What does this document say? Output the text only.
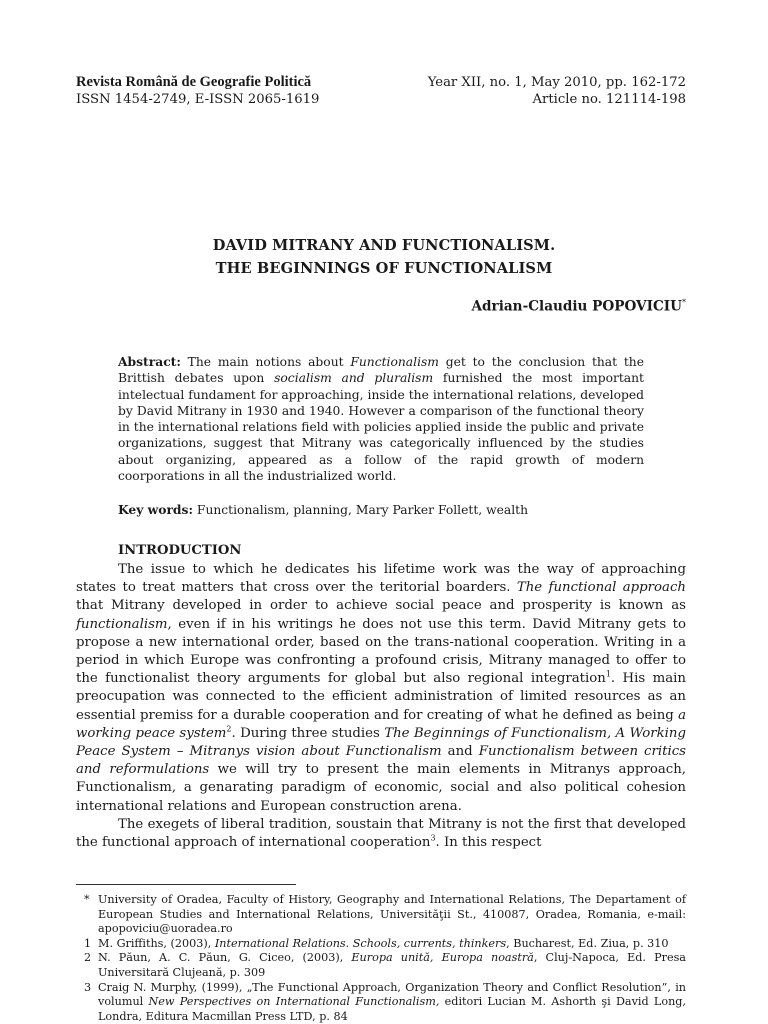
Revista Română de Geografie Politică
ISSN 1454-2749, E-ISSN 2065-1619
Year XII, no. 1, May 2010, pp. 162-172
Article no. 121114-198
DAVID MITRANY AND FUNCTIONALISM.
THE BEGINNINGS OF FUNCTIONALISM
Adrian-Claudiu POPOVICIU*

Abstract: The main notions about Functionalism get to the conclusion that the Brittish debates upon socialism and pluralism furnished the most important intelectual fundament for approaching, inside the international relations, developed by David Mitrany in 1930 and 1940. However a comparison of the functional theory in the international relations field with policies applied inside the public and private organizations, suggest that Mitrany was categorically influenced by the studies about organizing, appeared as a follow of the rapid growth of modern coorporations in all the industrialized world.

Key words: Functionalism, planning, Mary Parker Follett, wealth

INTRODUCTION

The issue to which he dedicates his lifetime work was the way of approaching states to treat matters that cross over the teritorial boarders. The functional approach that Mitrany developed in order to achieve social peace and prosperity is known as functionalism, even if in his writings he does not use this term. David Mitrany gets to propose a new international order, based on the trans-national cooperation. Writing in a period in which Europe was confronting a profound crisis, Mitrany managed to offer to the functionalist theory arguments for global but also regional integration$^1$. His main preocupation was connected to the efficient administration of limited resources as an essential premiss for a durable cooperation and for creating of what he defined as being a working peace system$^2$. During three studies The Beginnings of Functionalism, A Working Peace System – Mitranys vision about Functionalism and Functionalism between critics and reformulations we will try to present the main elements in Mitranys approach, Functionalism, a genarating paradigm of economic, social and also political cohesion international relations and European construction arena.

The exegets of liberal tradition, soustain that Mitrany is not the first that developed the functional approach of international cooperation$^3$. In this respect

* University of Oradea, Faculty of History, Geography and International Relations, The Departament of European Studies and International Relations, Universităţii St., 410087, Oradea, Romania, e-mail: apopoviciu@uoradea.ro

1 M. Griffiths, (2003), International Relations. Schools, currents, thinkers, Bucharest, Ed. Ziua, p. 310

2 N. Păun, A. C. Păun, G. Ciceo, (2003), Europa unită, Europa noastră, Cluj-Napoca, Ed. Presa Universitară Clujeană, p. 309

3 Craig N. Murphy, (1999), „The Functional Approach, Organization Theory and Conflict Resolution”, in volumul New Perspectives on International Functionalism, editori Lucian M. Ashorth şi David Long, Londra, Editura Macmillan Press LTD, p. 84
